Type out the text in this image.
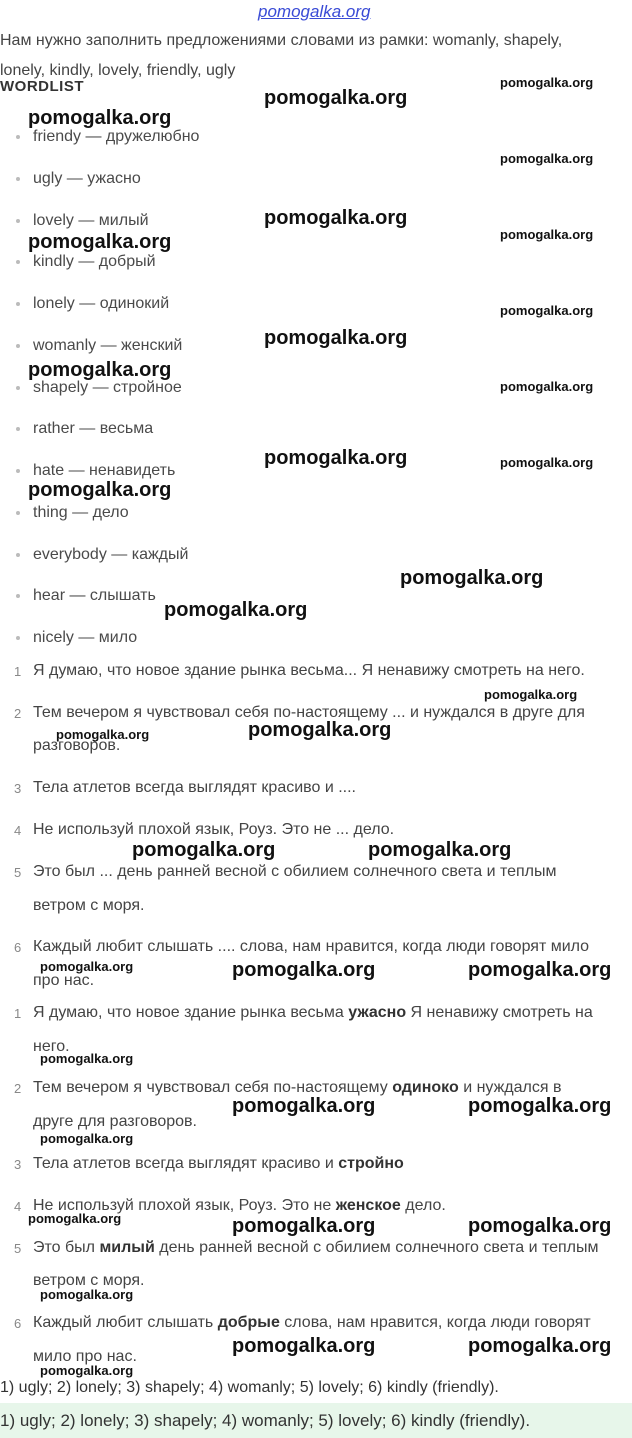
pomogalka.org
Нам нужно заполнить предложениями словами из рамки: womanly, shapely,
lonely, kindly, lovely, friendly, ugly
WORDLIST
friendy — дружелюбно
ugly — ужасно
lovely — милый
kindly — добрый
lonely — одинокий
womanly — женский
shapely — стройное
rather — весьма
hate — ненавидеть
thing — дело
everybody — каждый
hear — слышать
nicely — мило
1 Я думаю, что новое здание рынка весьма... Я ненавижу смотреть на него.
2 Тем вечером я чувствовал себя по-настоящему ... и нуждался в друге для
разговоров.
3 Тела атлетов всегда выглядят красиво и ....
4 Не используй плохой язык, Роуз. Это не ... дело.
5 Это был ... день ранней весной с обилием солнечного света и теплым
ветром с моря.
6 Каждый любит слышать .... слова, нам нравится, когда люди говорят мило
про нас.
1 Я думаю, что новое здание рынка весьма ужасно Я ненавижу смотреть на
него.
2 Тем вечером я чувствовал себя по-настоящему одиноко и нуждался в
друге для разговоров.
3 Тела атлетов всегда выглядят красиво и стройно
4 Не используй плохой язык, Роуз. Это не женское дело.
5 Это был милый день ранней весной с обилием солнечного света и теплым
ветром с моря.
6 Каждый любит слышать добрые слова, нам нравится, когда люди говорят
мило про нас.
1) ugly; 2) lonely; 3) shapely; 4) womanly; 5) lovely; 6) kindly (friendly).
1) ugly; 2) lonely; 3) shapely; 4) womanly; 5) lovely; 6) kindly (friendly).
pomogalka.org
pomogalka.org
pomogalka.org
pomogalka.org
pomogalka.org
pomogalka.org
pomogalka.org
pomogalka.org
pomogalka.org
pomogalka.org
pomogalka.org
pomogalka.org	pomogalka.org
pomogalka.org
pomogalka.org
pomogalka.org
pomogalka.org
pomogalka.org
pomogalka.org
pomogalka.org	pomogalka.org
pomogalka.org	pomogalka.org
pomogalka.org
pomogalka.org
pomogalka.org	pomogalka.org
pomogalka.org
pomogalka.org	pomogalka.org	pomogalka.org
pomogalka.org
pomogalka.org	pomogalka.org
pomogalka.org
